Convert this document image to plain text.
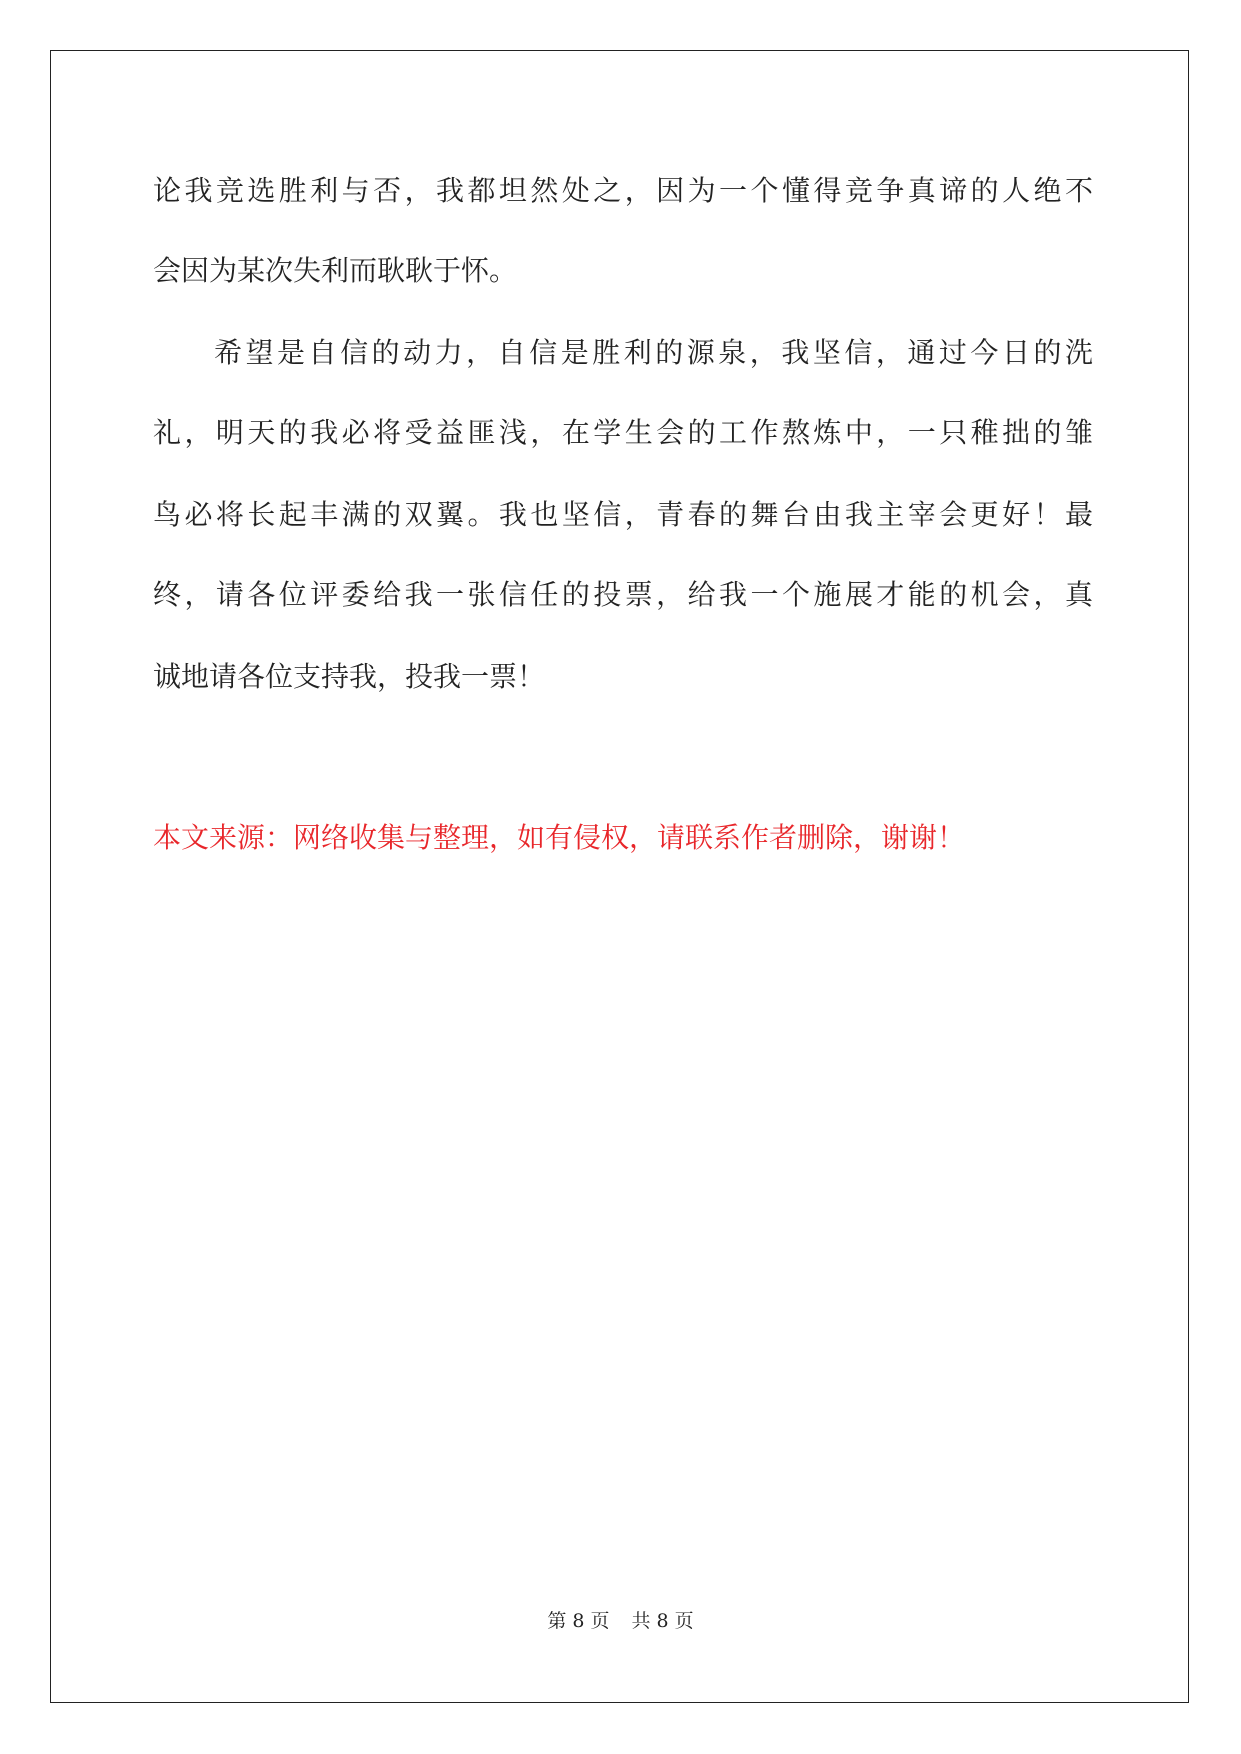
论我竞选胜利与否，我都坦然处之，因为一个懂得竞争真谛的人绝不
会因为某次失利而耿耿于怀。
希望是自信的动力，自信是胜利的源泉，我坚信，通过今日的洗
礼，明天的我必将受益匪浅，在学生会的工作熬炼中，一只稚拙的雏
鸟必将长起丰满的双翼。我也坚信，青春的舞台由我主宰会更好！最
终，请各位评委给我一张信任的投票，给我一个施展才能的机会，真
诚地请各位支持我，投我一票！
本文来源：网络收集与整理，如有侵权，请联系作者删除，谢谢！
第 8 页 共 8 页
